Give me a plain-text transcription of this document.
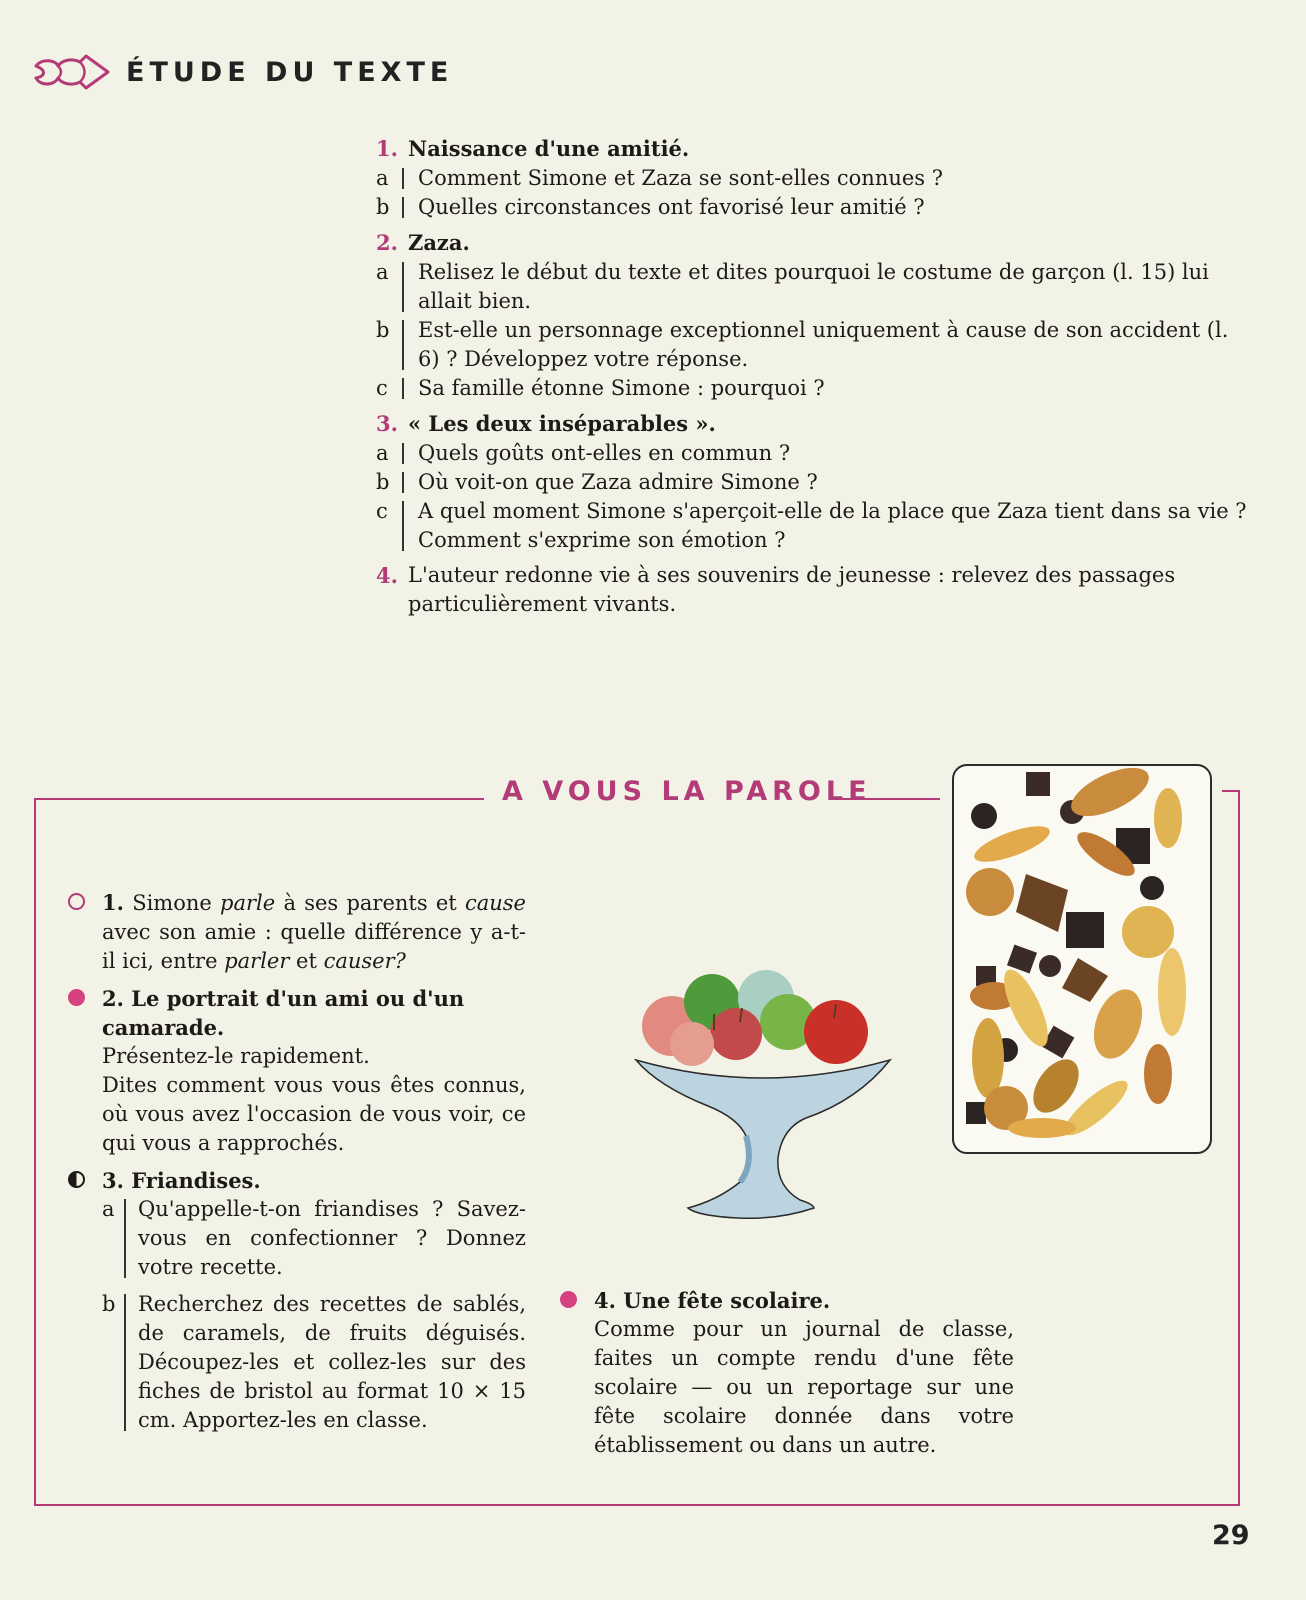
ÉTUDE DU TEXTE
1. Naissance d'une amitié.
a	Comment Simone et Zaza se sont-elles connues ?
b	Quelles circonstances ont favorisé leur amitié ?
2. Zaza.
a	Relisez le début du texte et dites pourquoi le costume de garçon (l. 15) lui allait bien.
b	Est-elle un personnage exceptionnel uniquement à cause de son accident (l. 6) ? Développez votre réponse.
c	Sa famille étonne Simone : pourquoi ?
3. « Les deux inséparables ».
a	Quels goûts ont-elles en commun ?
b	Où voit-on que Zaza admire Simone ?
c	A quel moment Simone s'aperçoit-elle de la place que Zaza tient dans sa vie ? Comment s'exprime son émotion ?
4. L'auteur redonne vie à ses souvenirs de jeunesse : relevez des passages particulièrement vivants.
A VOUS LA PAROLE
1. Simone parle à ses parents et cause avec son amie : quelle différence y a-t-il ici, entre parler et causer?
2. Le portrait d'un ami ou d'un camarade.
Présentez-le rapidement.
Dites comment vous vous êtes connus, où vous avez l'occasion de vous voir, ce qui vous a rapprochés.
3. Friandises.
a Qu'appelle-t-on friandises ? Savez-vous en confectionner ? Donnez votre recette.
b Recherchez des recettes de sablés, de caramels, de fruits déguisés. Découpez-les et collez-les sur des fiches de bristol au format 10 × 15 cm. Apportez-les en classe.
4. Une fête scolaire.
Comme pour un journal de classe, faites un compte rendu d'une fête scolaire — ou un reportage sur une fête scolaire donnée dans votre établissement ou dans un autre.
29
